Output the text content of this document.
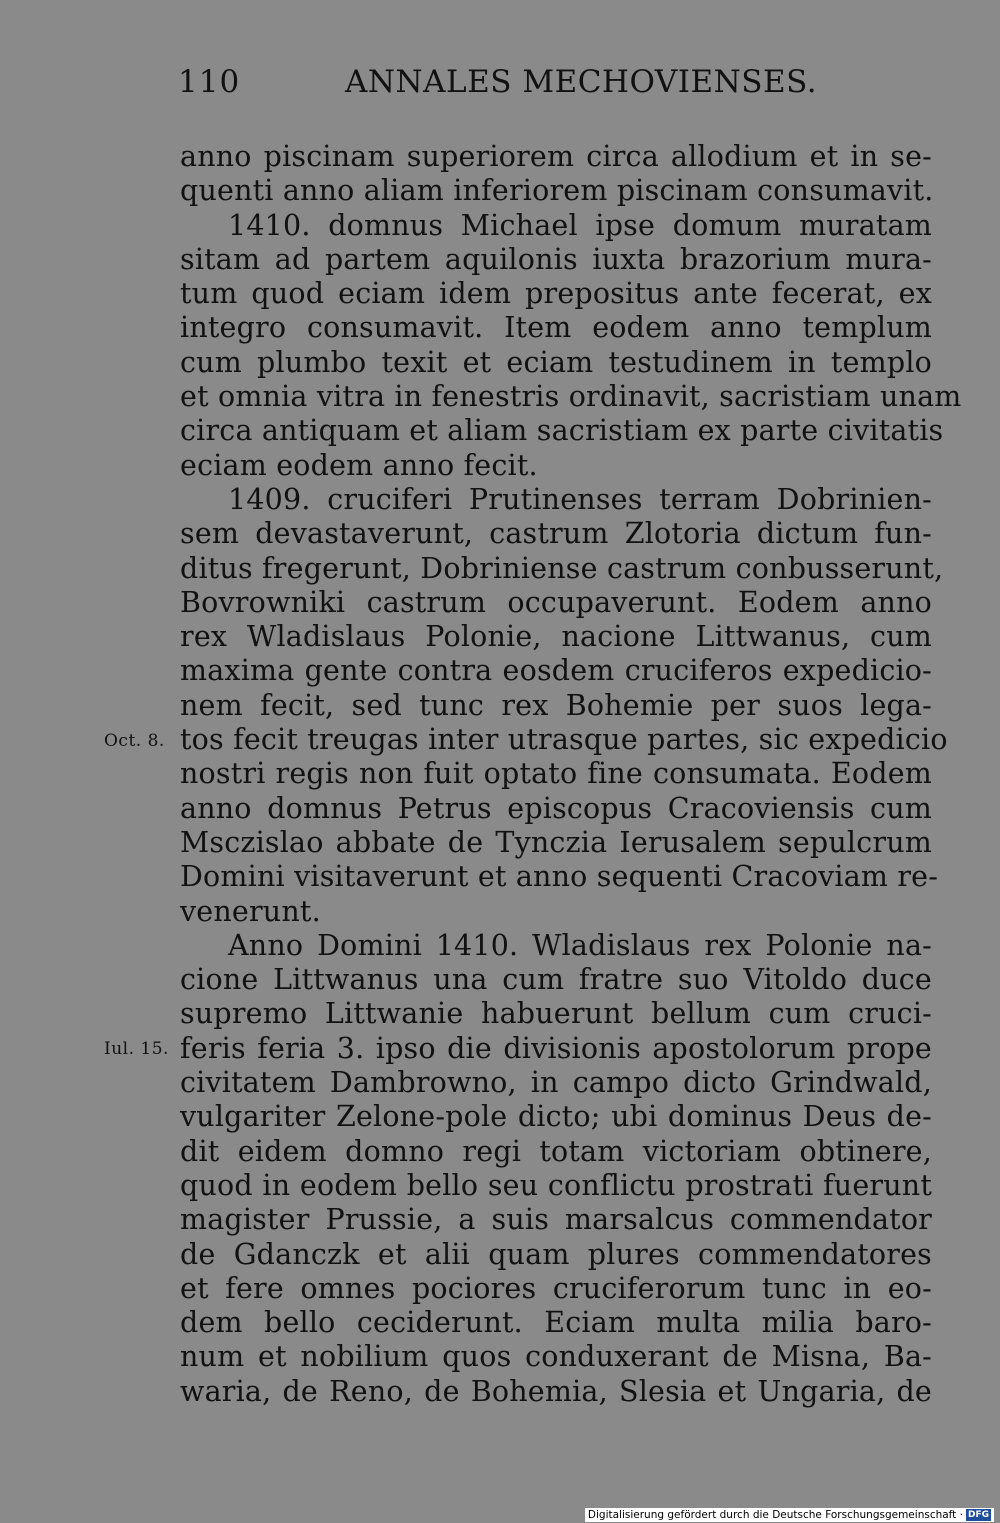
110	ANNALES MECHOVIENSES.
Oct. 8.
Iul. 15.
anno piscinam superiorem circa allodium et in se-
quenti anno aliam inferiorem piscinam consumavit.
1410. domnus Michael ipse domum muratam
sitam ad partem aquilonis iuxta brazorium mura-
tum quod eciam idem prepositus ante fecerat, ex
integro consumavit. Item eodem anno templum
cum plumbo texit et eciam testudinem in templo
et omnia vitra in fenestris ordinavit, sacristiam unam
circa antiquam et aliam sacristiam ex parte civitatis
eciam eodem anno fecit.
1409. cruciferi Prutinenses terram Dobrinien-
sem devastaverunt, castrum Zlotoria dictum fun-
ditus fregerunt, Dobriniense castrum conbusserunt,
Bovrowniki castrum occupaverunt. Eodem anno
rex Wladislaus Polonie, nacione Littwanus, cum
maxima gente contra eosdem cruciferos expedicio-
nem fecit, sed tunc rex Bohemie per suos lega-
tos fecit treugas inter utrasque partes, sic expedicio
nostri regis non fuit optato fine consumata. Eodem
anno domnus Petrus episcopus Cracoviensis cum
Msczislao abbate de Tynczia Ierusalem sepulcrum
Domini visitaverunt et anno sequenti Cracoviam re-
venerunt.
Anno Domini 1410. Wladislaus rex Polonie na-
cione Littwanus una cum fratre suo Vitoldo duce
supremo Littwanie habuerunt bellum cum cruci-
feris feria 3. ipso die divisionis apostolorum prope
civitatem Dambrowno, in campo dicto Grindwald,
vulgariter Zelone-pole dicto; ubi dominus Deus de-
dit eidem domno regi totam victoriam obtinere,
quod in eodem bello seu conflictu prostrati fuerunt
magister Prussie, a suis marsalcus commendator
de Gdanczk et alii quam plures commendatores
et fere omnes pociores cruciferorum tunc in eo-
dem bello ceciderunt. Eciam multa milia baro-
num et nobilium quos conduxerant de Misna, Ba-
waria, de Reno, de Bohemia, Slesia et Ungaria, de
Digitalisierung gefördert durch die Deutsche Forschungsgemeinschaft · DFG
